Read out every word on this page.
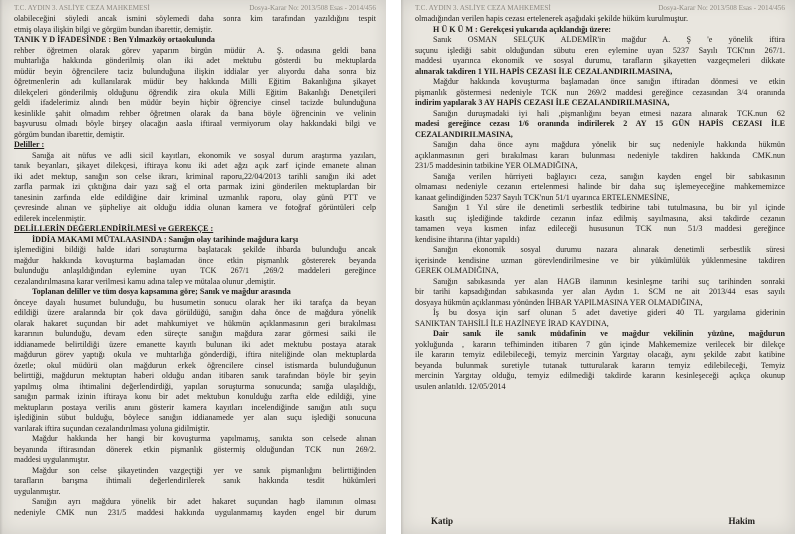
T.C. AYDIN 3. ASLİYE CEZA MAHKEMESİ	Dosya-Karar No: 2013/508 Esas - 2014/456
olabileceğini söyledi ancak ismini söylemedi daha sonra kim tarafından yazıldığını tespit
etmiş olaya ilişkin bilgi ve görgüm bundan ibarettir, demiştir.
TANIK Y D İFADESİNDE : Ben Yılmazköy ortaokulunda
rehber öğretmen olarak görev yaparım birgün müdür A. Ş. odasına geldi bana
muhtarlığa hakkında gönderilmiş olan iki adet mektubu gösterdi bu mektuplarda
müdür beyin öğrencilere taciz bulunduğuna ilişkin iddialar yer alıyordu daha sonra biz
öğretmenlerin adı kullanılarak müdür bey hakkında Milli Eğitim Bakanlığına şikayet
dilekçeleri gönderilmiş olduğunu öğrendik zira okula Milli Eğitim Bakanlığı Denetçileri
geldi ifadelerimiz alındı ben müdür beyin hiçbir öğrenciye cinsel tacizde bulunduğuna
kesinlikle şahit olmadım rehber öğretmen olarak da bana böyle öğrencinin ve velinin
başvurusu olmadı böyle birşey olacağın aasla iftiraal vermiyorum olay hakkındaki bilgi ve
görgüm bundan ibarettir, demiştir.
Deliller :
Sanığa ait nüfus ve adli sicil kayıtları, ekonomik ve sosyal durum araştırma yazıları,
tanık beyanları, şikayet dilekçesi, iftiraya konu iki adet ağzı açık zarf içinde emanete alınan
iki adet mektup, sanığın son celse ikrarı, kriminal raporu,22/04/2013 tarihli sanığın iki adet
zarfla parmak izi çıktığına dair yazı sağ el orta parmak izini gönderilen mektuplardan bir
tanesinin zarfında elde edildiğine dair kriminal uzmanlık raporu, olay günü PTT ve
çevresinde alınan ve şüpheliye ait olduğu iddia olunan kamera ve fotoğraf görüntüleri celp
edilerek incelenmiştir.
DELİLLERİN DEĞERLENDİRİLMESİ ve GEREKÇE :
İDDİA MAKAMI MÜTALAASINDA : Sanığın olay tarihinde mağdura karşı
işlemediğini bildiği halde idari soruşturma başlatacak şekilde ihbarda bulunduğu ancak
mağdur hakkında kovuşturma başlamadan önce etkin pişmanlık göstererek beyanda
bulunduğu anlaşıldığından eylemine uyan TCK 267/1 ,269/2 maddeleri gereğince
cezalandırılmasına karar verilmesi kamu adına talep ve mütalaa olunur ,demiştir.
Toplanan deliller ve tüm dosya kapsamına göre; Sanık ve mağdur arasında
önceye dayalı husumet bulunduğu, bu husumetin sonucu olarak her iki tarafça da beyan
edildiği üzere aralarında bir çok dava görüldüğü, sanığın daha önce de mağdura yönelik
olarak hakaret suçundan bir adet mahkumiyet ve hükmün açıklanmasının geri bırakılması
kararının bulunduğu, devam eden süreçte sanığın mağdura zarar görmesi saiki ile
iddianamede belirtildiği üzere emanette kayıtlı bulunan iki adet mektubu postaya atarak
mağdurun görev yaptığı okula ve muhtarlığa gönderdiği, iftira niteliğinde olan mektuplarda
özetle; okul müdürü olan mağdurun erkek öğrencilere cinsel istismarda bulunduğunun
belirttiği, mağdurun mektuptan haberi olduğu andan itibaren sanık tarafından böyle bir şeyin
yapılmış olma ihtimalini değerlendirdiği, yapılan soruşturma sonucunda; sanığa ulaşıldığı,
sanığın parmak izinin iftiraya konu bir adet mektubun konulduğu zarfta elde edildiği, yine
mektupların postaya verilis anını gösterir kamera kayıtları incelendiğinde sanığın atılı suçu
işlediğinin sübut bulduğu, böylece sanığın iddianamede yer alan suçu işlediği sonucuna
varılarak iftira suçundan cezalandırılması yoluna gidilmiştir.
Mağdur hakkında her hangi bir kovuşturma yapılmamış, sanıkta son celsede alınan
beyanında iftirasından dönerek etkin pişmanlık göstermiş olduğundan TCK nun 269/2.
maddesi uygulanmıştır.
Mağdur son celse şikayetinden vazgeçtiği yer ve sanık pişmanlığını belirttiğinden
tarafların barışma ihtimali değerlendirilerek sanık hakkında tesdit hükümleri
uygulanmıştır.
Sanığın ayrı mağdura yönelik bir adet hakaret suçundan hagb ilamının olması
nedeniyle CMK nun 231/5 maddesi hakkında uygulanmamış kayden engel bir durum
T.C. AYDIN 3. ASLİYE CEZA MAHKEMESİ	Dosya-Karar No: 2013/508 Esas - 2014/456
olmadığından verilen hapis cezası ertelenerek aşağıdaki şekilde hüküm kurulmuştur.
H Ü K Ü M : Gerekçesi yukarıda açıklandığı üzere:
Sanık OSMAN SELÇUK ALDEMİR'in mağdur A. Ş 'e yönelik iftira
suçunu işlediği sabit olduğundan sübutu eren eylemine uyan 5237 Sayılı TCK'nın 267/1.
maddesi uyarınca ekonomik ve sosyal durumu, tarafların şikayetten vazgeçmeleri dikkate
alınarak takdiren 1 YIL HAPİS CEZASI İLE CEZALANDIRILMASINA,
Mağdur hakkında kovuşturma başlamadan önce sanığın iftiradan dönmesi ve etkin
pişmanlık göstermesi nedeniyle TCK nun 269/2 maddesi gereğince cezasından 3/4 oranında
indirim yapılarak 3 AY HAPİS CEZASI İLE CEZALANDIRILMASINA,
Sanığın duruşmadaki iyi hali ,pişmanlığını beyan etmesi nazara alınarak TCK.nun 62
madesi gereğince cezası 1/6 oranında indirilerek 2 AY 15 GÜN HAPİS CEZASI İLE
CEZALANDIRILMASINA,
Sanığın daha önce aynı mağdura yönelik bir suç nedeniyle hakkında hükmün
açıklanmasının geri bırakılması kararı bulunması nedeniyle takdiren hakkında CMK.nun
231/5 maddesinin tatbikine YER OLMADIĞINA,
Sanığa verilen hürriyeti bağlayıcı ceza, sanığın kayden engel bir sabıkasının
olmaması nedeniyle cezanın ertelenmesi halinde bir daha suç işlemeyeceğine mahkememizce
kanaat gelindiğinden 5237 Sayılı TCK'nun 51/1 uyarınca ERTELENMESİNE,
Sanığın 1 Yıl süre ile denetimli serbestlik tedbirine tabi tutulmasına, bu bir yıl içinde
kasıtlı suç işlediğinde takdirde cezanın infaz edilmiş sayılmasına, aksi takdirde cezanın
tamamen veya kısmen infaz edileceği hususunun TCK nun 51/3 maddesi gereğince
kendisine ihtarına (ihtar yapıldı)
Sanığın ekonomik sosyal durumu nazara alınarak denetimli serbestlik süresi
içerisinde kendisine uzman görevlendirilmesine ve bir yükümlülük yüklenmesine takdiren
GEREK OLMADIĞINA,
Sanığın sabıkasında yer alan HAGB ilamının kesinleşme tarihi suç tarihinden sonraki
bir tarihi kapsadığından sabıkasında yer alan Aydın 1. SCM ne ait 2013/44 esas sayılı
dosyaya hükmün açıklanması yönünden İHBAR YAPILMASINA YER OLMADIĞINA,
İş bu dosya için sarf olunan 5 adet davetiye gideri 40 TL yargılama giderinin
SANIKTAN TAHSİLİ İLE HAZİNEYE İRAD KAYDINA,
Dair sanık ile sanık müdafinin ve mağdur vekilinin yüzüne, mağdurun
yokluğunda , kararın tefhiminden itibaren 7 gün içinde Mahkememize verilecek bir dilekçe
ile kararın temyiz edilebileceği, temyiz mercinin Yargıtay olacağı, aynı şekilde zabıt katibine
beyanda bulunmak suretiyle tutanak tutturularak kararın temyiz edilebileceği, Temyiz
mercinin Yargıtay olduğu, temyiz edilmediği takdirde kararın kesinleşeceği açıkça okunup
usulen anlatıldı. 12/05/2014
Katip	Hakim
